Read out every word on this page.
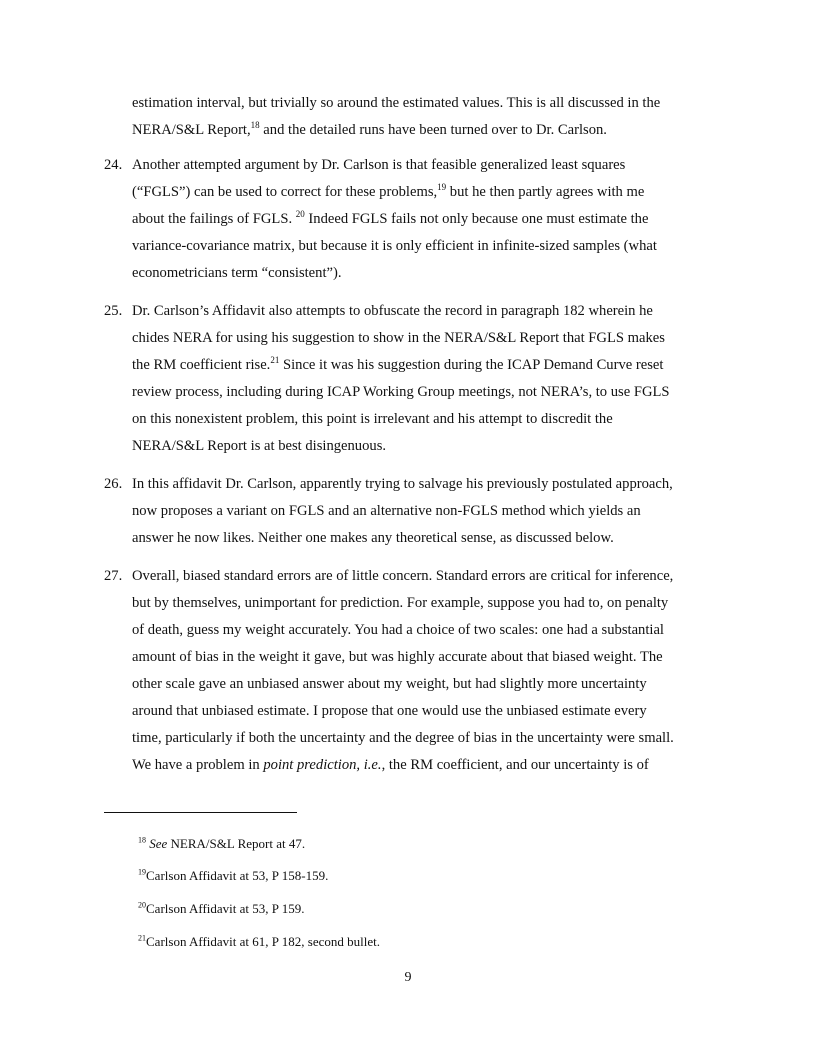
estimation interval, but trivially so around the estimated values. This is all discussed in the
NERA/S&L Report,$^{18}$ and the detailed runs have been turned over to Dr. Carlson.
24. Another attempted argument by Dr. Carlson is that feasible generalized least squares
(“FGLS”) can be used to correct for these problems,$^{19}$ but he then partly agrees with me
about the failings of FGLS. $^{20}$ Indeed FGLS fails not only because one must estimate the
variance-covariance matrix, but because it is only efficient in infinite-sized samples (what
econometricians term “consistent”).
25. Dr. Carlson’s Affidavit also attempts to obfuscate the record in paragraph 182 wherein he
chides NERA for using his suggestion to show in the NERA/S&L Report that FGLS makes
the RM coefficient rise.$^{21}$ Since it was his suggestion during the ICAP Demand Curve reset
review process, including during ICAP Working Group meetings, not NERA’s, to use FGLS
on this nonexistent problem, this point is irrelevant and his attempt to discredit the
NERA/S&L Report is at best disingenuous.
26. In this affidavit Dr. Carlson, apparently trying to salvage his previously postulated approach,
now proposes a variant on FGLS and an alternative non-FGLS method which yields an
answer he now likes. Neither one makes any theoretical sense, as discussed below.
27. Overall, biased standard errors are of little concern. Standard errors are critical for inference,
but by themselves, unimportant for prediction. For example, suppose you had to, on penalty
of death, guess my weight accurately. You had a choice of two scales: one had a substantial
amount of bias in the weight it gave, but was highly accurate about that biased weight. The
other scale gave an unbiased answer about my weight, but had slightly more uncertainty
around that unbiased estimate. I propose that one would use the unbiased estimate every
time, particularly if both the uncertainty and the degree of bias in the uncertainty were small.
We have a problem in point prediction, i.e., the RM coefficient, and our uncertainty is of
$^{18}$ See NERA/S&L Report at 47.
$^{19}$Carlson Affidavit at 53, P 158-159.
$^{20}$Carlson Affidavit at 53, P 159.
$^{21}$Carlson Affidavit at 61, P 182, second bullet.
9
